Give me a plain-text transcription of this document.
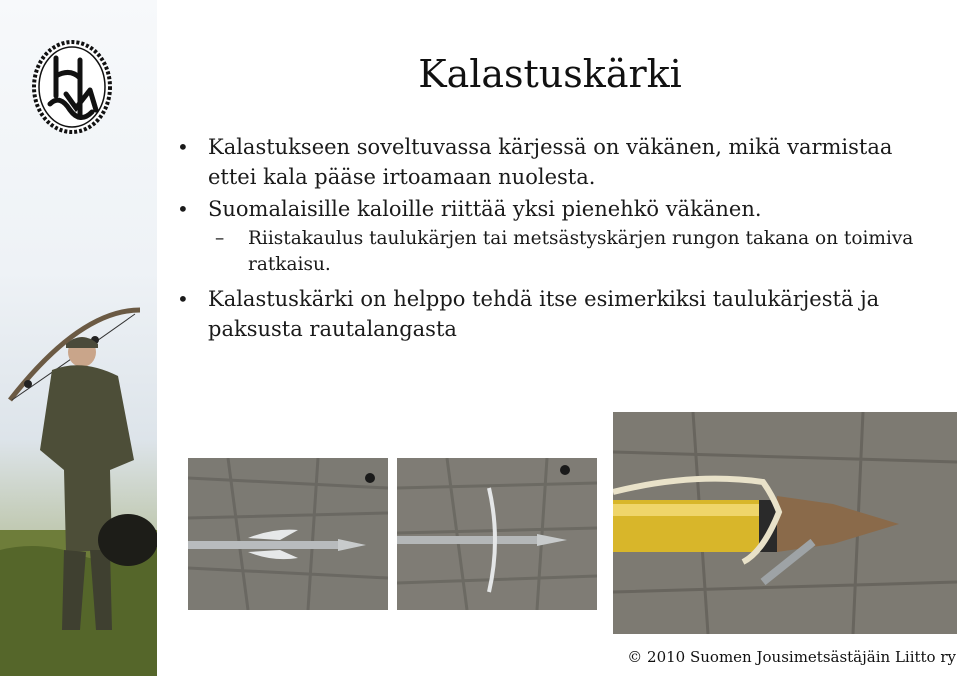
Kalastuskärki
• Kalastukseen soveltuvassa kärjessä on väkänen, mikä varmistaa ettei kala pääse irtoamaan nuolesta.
• Suomalaisille kaloille riittää yksi pienehkö väkänen.
– Riistakaulus taulukärjen tai metsästyskärjen rungon takana on toimiva ratkaisu.
• Kalastuskärki on helppo tehdä itse esimerkiksi taulukärjestä ja paksusta rautalangasta
© 2010 Suomen Jousimetsästäjäin Liitto ry
